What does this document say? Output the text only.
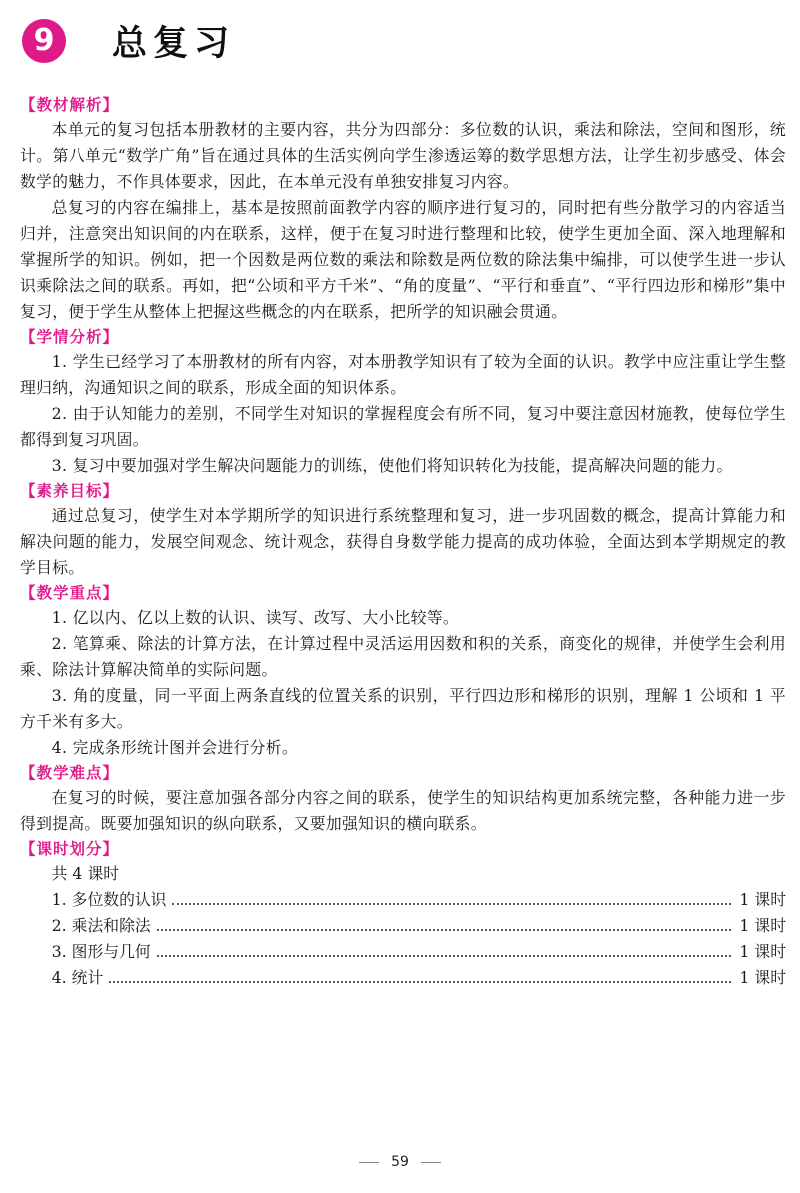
9	总复习
【教材解析】

本单元的复习包括本册教材的主要内容，共分为四部分：多位数的认识，乘法和除法，空间和图形，统计。第八单元“数学广角”旨在通过具体的生活实例向学生渗透运筹的数学思想方法，让学生初步感受、体会数学的魅力，不作具体要求，因此，在本单元没有单独安排复习内容。

总复习的内容在编排上，基本是按照前面教学内容的顺序进行复习的，同时把有些分散学习的内容适当归并，注意突出知识间的内在联系，这样，便于在复习时进行整理和比较，使学生更加全面、深入地理解和掌握所学的知识。例如，把一个因数是两位数的乘法和除数是两位数的除法集中编排，可以使学生进一步认识乘除法之间的联系。再如，把“公顷和平方千米”、“角的度量”、“平行和垂直”、“平行四边形和梯形”集中复习，便于学生从整体上把握这些概念的内在联系，把所学的知识融会贯通。

【学情分析】

1. 学生已经学习了本册教材的所有内容，对本册教学知识有了较为全面的认识。教学中应注重让学生整理归纳，沟通知识之间的联系，形成全面的知识体系。

2. 由于认知能力的差别，不同学生对知识的掌握程度会有所不同，复习中要注意因材施教，使每位学生都得到复习巩固。

3. 复习中要加强对学生解决问题能力的训练，使他们将知识转化为技能，提高解决问题的能力。

【素养目标】

通过总复习，使学生对本学期所学的知识进行系统整理和复习，进一步巩固数的概念，提高计算能力和解决问题的能力，发展空间观念、统计观念，获得自身数学能力提高的成功体验，全面达到本学期规定的教学目标。

【教学重点】

1. 亿以内、亿以上数的认识、读写、改写、大小比较等。

2. 笔算乘、除法的计算方法，在计算过程中灵活运用因数和积的关系，商变化的规律，并使学生会利用乘、除法计算解决简单的实际问题。

3. 角的度量，同一平面上两条直线的位置关系的识别，平行四边形和梯形的识别，理解 1 公顷和 1 平方千米有多大。

4. 完成条形统计图并会进行分析。

【教学难点】

在复习的时候，要注意加强各部分内容之间的联系，使学生的知识结构更加系统完整，各种能力进一步得到提高。既要加强知识的纵向联系，又要加强知识的横向联系。

【课时划分】

共 4 课时

1. 多位数的认识	1 课时
2. 乘法和除法	1 课时
3. 图形与几何	1 课时
4. 统计	1 课时
59
